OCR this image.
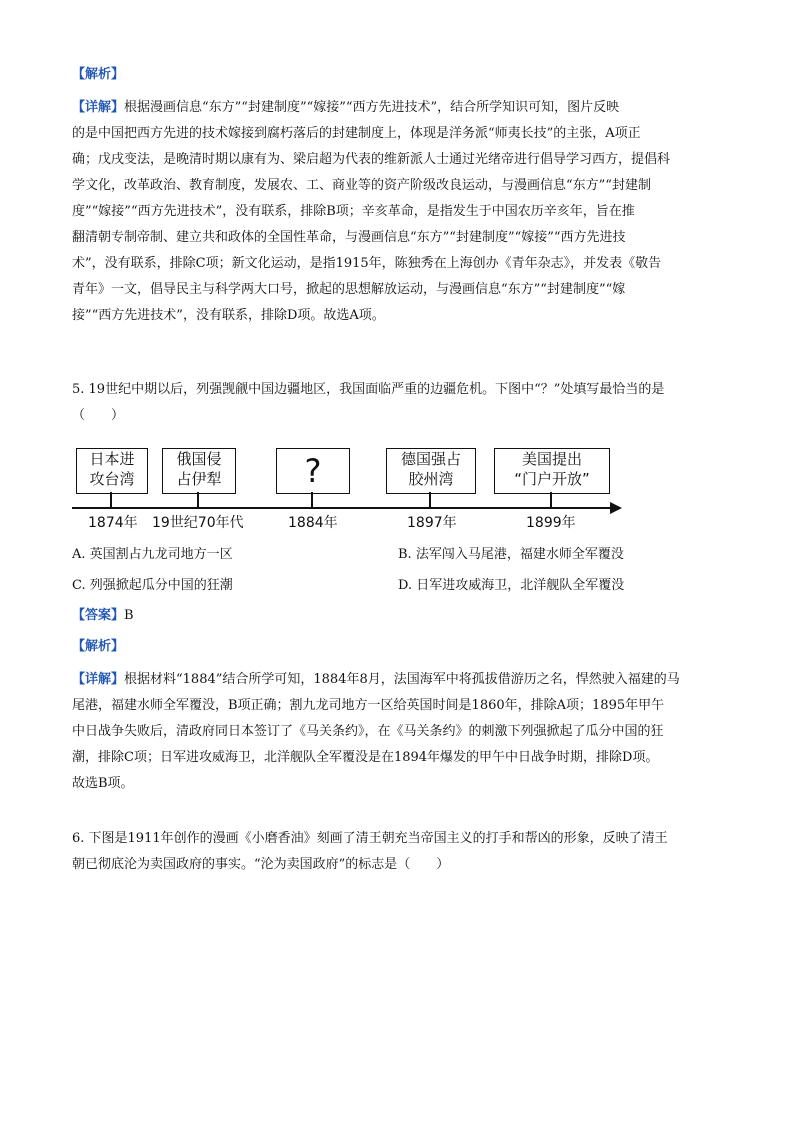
【解析】
【详解】根据漫画信息“东方”“封建制度”“嫁接”“西方先进技术”，结合所学知识可知，图片反映
的是中国把西方先进的技术嫁接到腐朽落后的封建制度上，体现是洋务派“师夷长技”的主张，A项正
确；戊戌变法，是晚清时期以康有为、梁启超为代表的维新派人士通过光绪帝进行倡导学习西方，提倡科
学文化，改革政治、教育制度，发展农、工、商业等的资产阶级改良运动，与漫画信息“东方”“封建制
度”“嫁接”“西方先进技术”，没有联系，排除B项；辛亥革命，是指发生于中国农历辛亥年，旨在推
翻清朝专制帝制、建立共和政体的全国性革命，与漫画信息“东方”“封建制度”“嫁接”“西方先进技
术”，没有联系，排除C项；新文化运动，是指1915年，陈独秀在上海创办《青年杂志》，并发表《敬告
青年》一文，倡导民主与科学两大口号，掀起的思想解放运动，与漫画信息“东方”“封建制度”“嫁
接”“西方先进技术”，没有联系，排除D项。故选A项。
5. 19世纪中期以后，列强觊觎中国边疆地区，我国面临严重的边疆危机。下图中“？”处填写最恰当的是
（　　）
日本进
攻台湾
俄国侵
占伊犁	?	德国强占
胶州湾
美国提出
“门户开放”
1874年 19世纪70年代	1884年	1897年	1899年
A. 英国割占九龙司地方一区	B. 法军闯入马尾港，福建水师全军覆没
C. 列强掀起瓜分中国的狂潮	D. 日军进攻威海卫，北洋舰队全军覆没
【答案】B
【解析】
【详解】根据材料“1884”结合所学可知，1884年8月，法国海军中将孤拔借游历之名，悍然驶入福建的马
尾港，福建水师全军覆没，B项正确；割九龙司地方一区给英国时间是1860年，排除A项；1895年甲午
中日战争失败后，清政府同日本签订了《马关条约》，在《马关条约》的刺激下列强掀起了瓜分中国的狂
潮，排除C项；日军进攻威海卫，北洋舰队全军覆没是在1894年爆发的甲午中日战争时期，排除D项。
故选B项。
6. 下图是1911年创作的漫画《小磨香油》刻画了清王朝充当帝国主义的打手和帮凶的形象，反映了清王
朝已彻底沦为卖国政府的事实。“沦为卖国政府”的标志是（　　）
